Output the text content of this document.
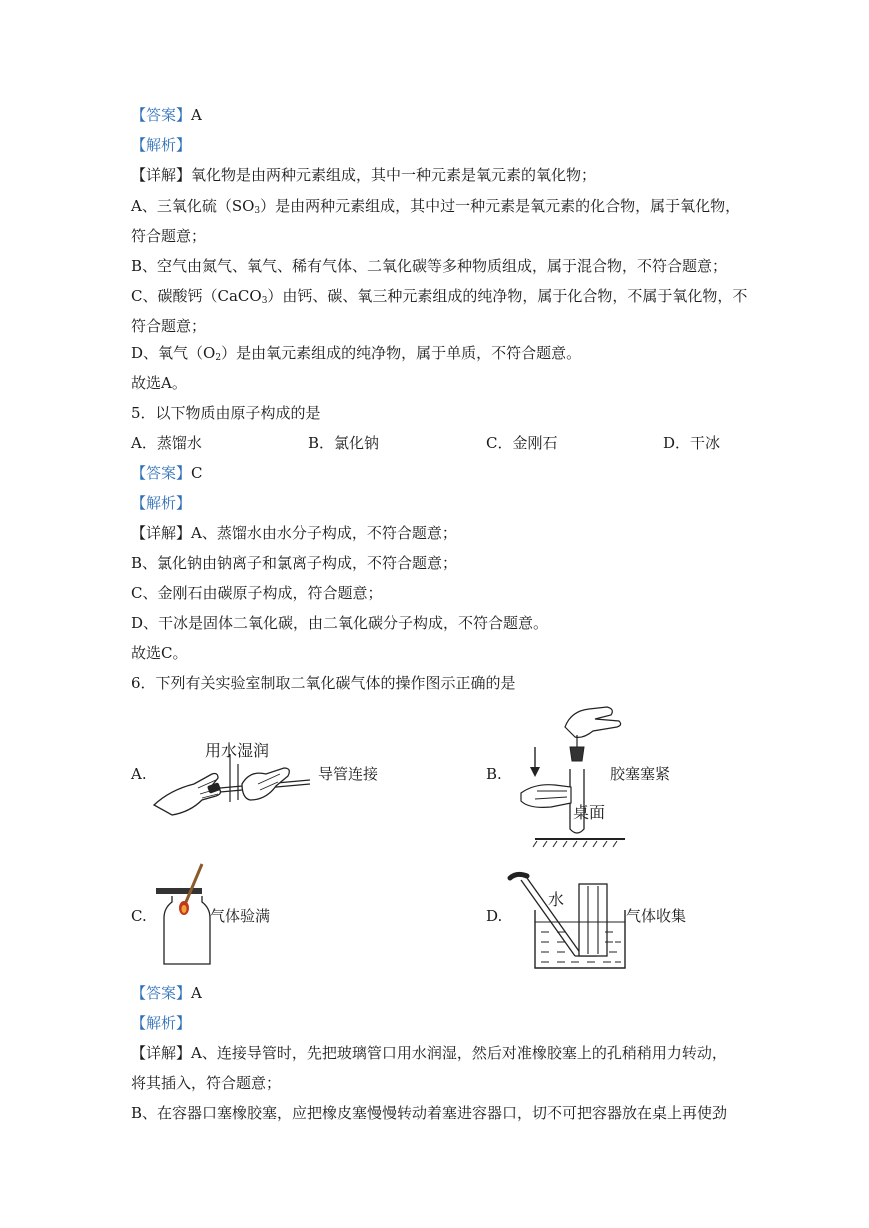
【答案】A
【解析】
【详解】氧化物是由两种元素组成，其中一种元素是氧元素的氧化物；
A、三氧化硫$(SO_3)$是由两种元素组成，其中过一种元素是氧元素的化合物，属于氧化物，
符合题意；
B、空气由氮气、氧气、稀有气体、二氧化碳等多种物质组成，属于混合物，不符合题意；
C、碳酸钙（CaCO$_3$）由钙、碳、氧三种元素组成的纯净物，属于化合物，不属于氧化物，不
符合题意；
D、氧气$(O_2)$是由氧元素组成的纯净物，属于单质，不符合题意。
故选A。
5．以下物质由原子构成的是
A．蒸馏水	B．氯化钠	C．金刚石	D．干冰
【答案】C
【解析】
【详解】A、蒸馏水由水分子构成，不符合题意；
B、氯化钠由钠离子和氯离子构成，不符合题意；
C、金刚石由碳原子构成，符合题意；
D、干冰是固体二氧化碳，由二氧化碳分子构成，不符合题意。
故选C。
6．下列有关实验室制取二氧化碳气体的操作图示正确的是
A.
用水湿润
导管连接	B.
桌面
胶塞塞紧
C.	气体验满	D.
水
气体收集
【答案】A
【解析】
【详解】A、连接导管时，先把玻璃管口用水润湿，然后对准橡胶塞上的孔稍稍用力转动，
将其插入，符合题意；
B、在容器口塞橡胶塞，应把橡皮塞慢慢转动着塞进容器口，切不可把容器放在桌上再使劲
